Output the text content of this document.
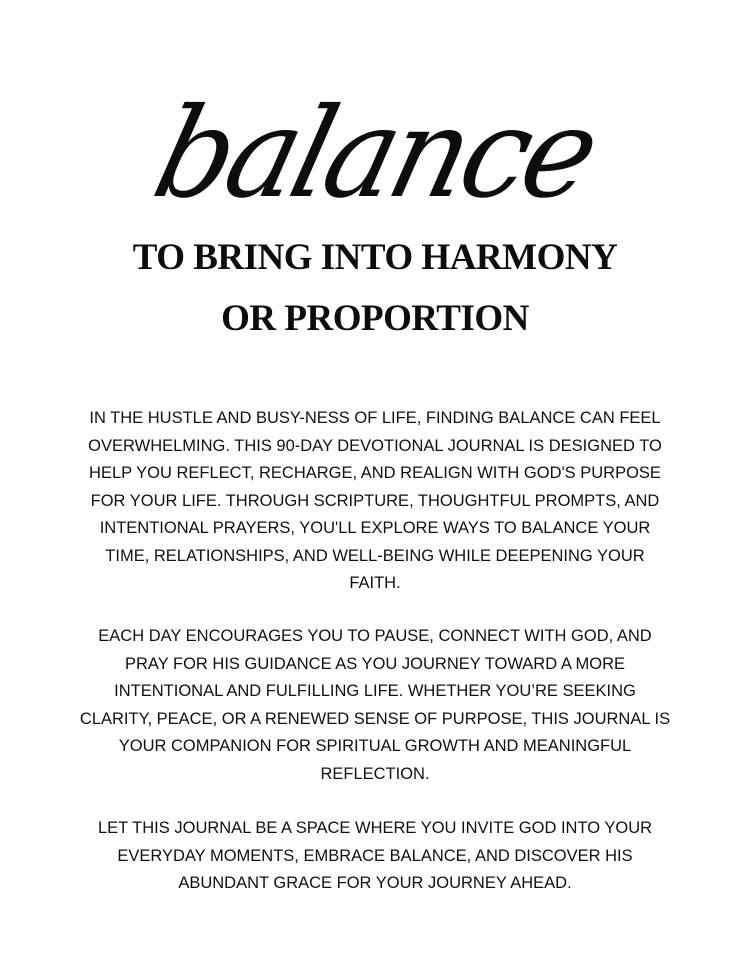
balance
TO BRING INTO HARMONY
OR PROPORTION
IN THE HUSTLE AND BUSY-NESS OF LIFE, FINDING BALANCE CAN FEEL
OVERWHELMING. THIS 90-DAY DEVOTIONAL JOURNAL IS DESIGNED TO
HELP YOU REFLECT, RECHARGE, AND REALIGN WITH GOD'S PURPOSE
FOR YOUR LIFE. THROUGH SCRIPTURE, THOUGHTFUL PROMPTS, AND
INTENTIONAL PRAYERS, YOU'LL EXPLORE WAYS TO BALANCE YOUR
TIME, RELATIONSHIPS, AND WELL-BEING WHILE DEEPENING YOUR
FAITH.
EACH DAY ENCOURAGES YOU TO PAUSE, CONNECT WITH GOD, AND
PRAY FOR HIS GUIDANCE AS YOU JOURNEY TOWARD A MORE
INTENTIONAL AND FULFILLING LIFE. WHETHER YOU’RE SEEKING
CLARITY, PEACE, OR A RENEWED SENSE OF PURPOSE, THIS JOURNAL IS
YOUR COMPANION FOR SPIRITUAL GROWTH AND MEANINGFUL
REFLECTION.
LET THIS JOURNAL BE A SPACE WHERE YOU INVITE GOD INTO YOUR
EVERYDAY MOMENTS, EMBRACE BALANCE, AND DISCOVER HIS
ABUNDANT GRACE FOR YOUR JOURNEY AHEAD.
